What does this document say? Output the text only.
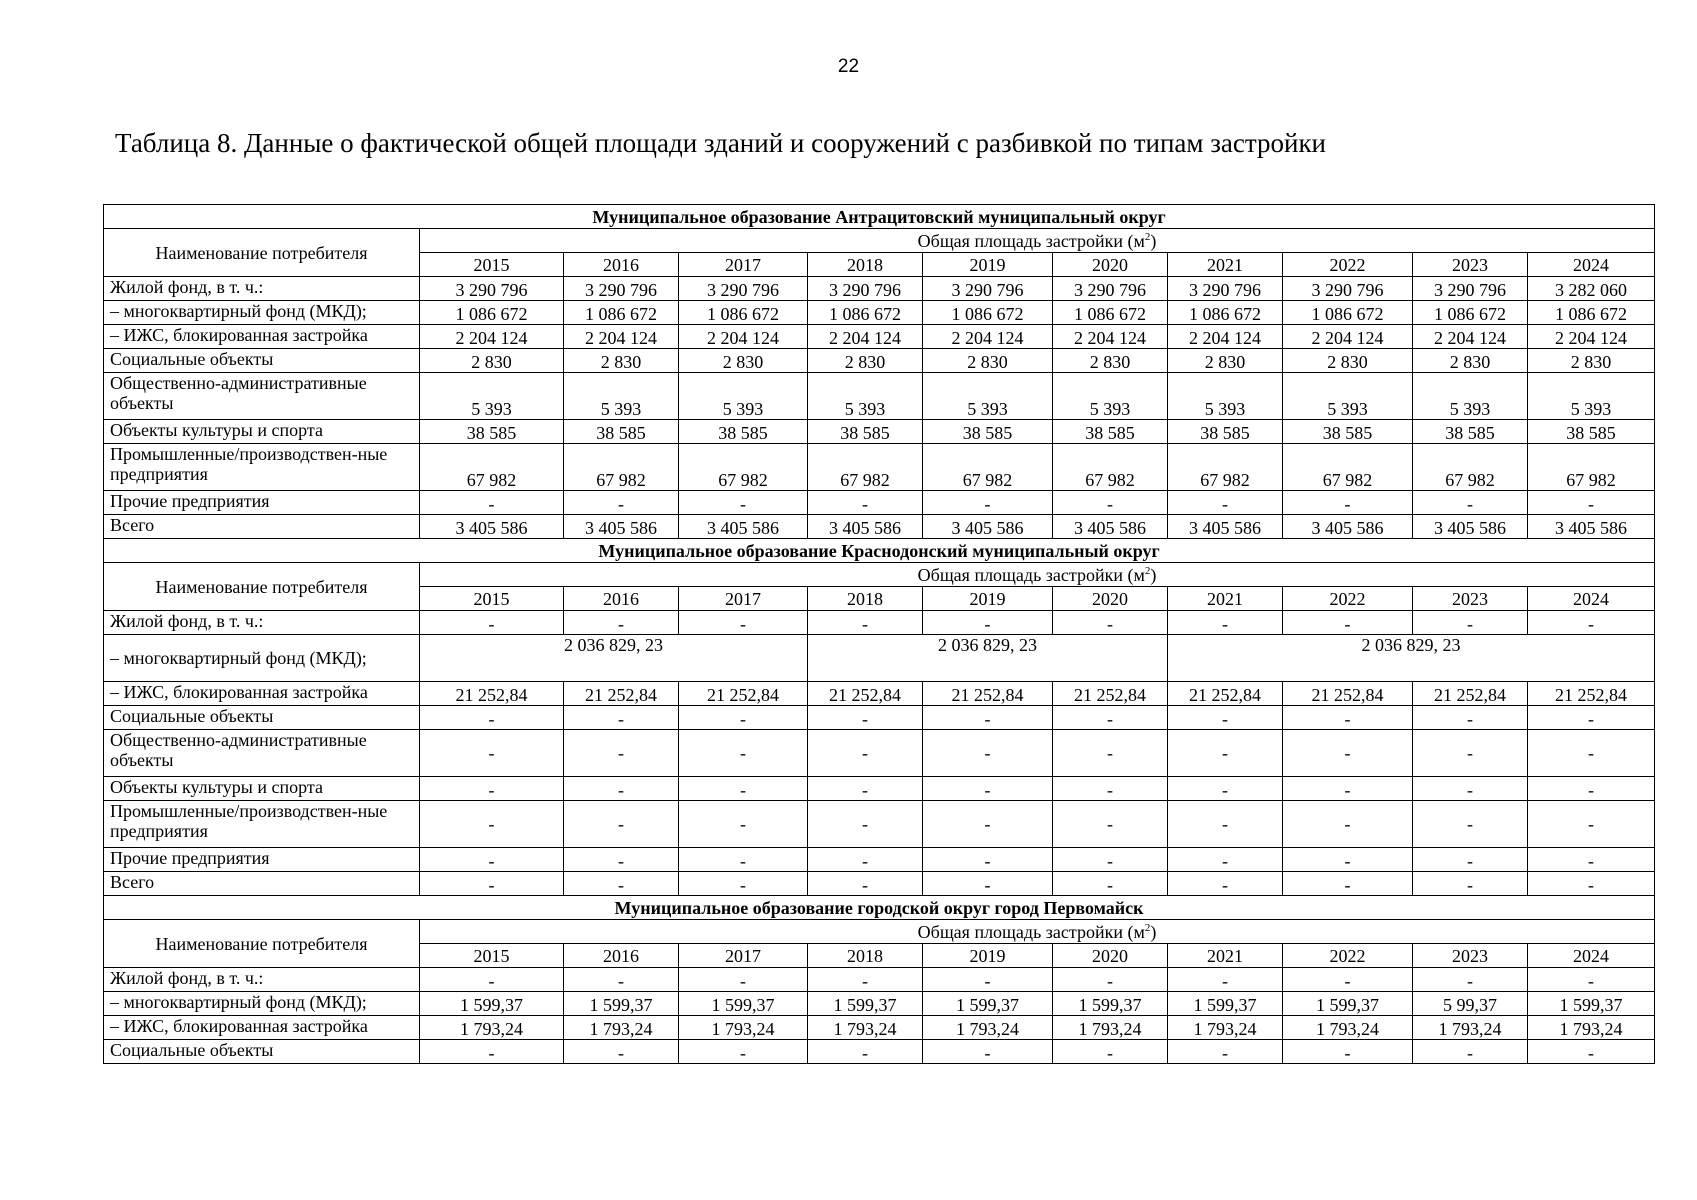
22
Таблица 8. Данные о фактической общей площади зданий и сооружений с разбивкой по типам застройки
Муниципальное образование Антрацитовский муниципальный округ										
Наименование потребителя	Общая площадь застройки $(м^2)$									
	2015	2016	2017	2018	2019	2020	2021	2022	2023	2024
Жилой фонд, в т. ч.:	3 290 796	3 290 796	3 290 796	3 290 796	3 290 796	3 290 796	3 290 796	3 290 796	3 290 796	3 282 060
– многоквартирный фонд (МКД);	1 086 672	1 086 672	1 086 672	1 086 672	1 086 672	1 086 672	1 086 672	1 086 672	1 086 672	1 086 672
– ИЖС, блокированная застройка	2 204 124	2 204 124	2 204 124	2 204 124	2 204 124	2 204 124	2 204 124	2 204 124	2 204 124	2 204 124
Социальные объекты	2 830	2 830	2 830	2 830	2 830	2 830	2 830	2 830	2 830	2 830
Общественно-административные объекты	5 393	5 393	5 393	5 393	5 393	5 393	5 393	5 393	5 393	5 393
Объекты культуры и спорта	38 585	38 585	38 585	38 585	38 585	38 585	38 585	38 585	38 585	38 585
Промышленные/производствен-ные предприятия	67 982	67 982	67 982	67 982	67 982	67 982	67 982	67 982	67 982	67 982
Прочие предприятия	-	-	-	-	-	-	-	-	-	-
Всего	3 405 586	3 405 586	3 405 586	3 405 586	3 405 586	3 405 586	3 405 586	3 405 586	3 405 586	3 405 586
Муниципальное образование Краснодонский муниципальный округ										
Наименование потребителя	Общая площадь застройки $(м^2)$									
	2015	2016	2017	2018	2019	2020	2021	2022	2023	2024
Жилой фонд, в т. ч.:	-	-	-	-	-	-	-	-	-	-
– многоквартирный фонд (МКД);	2 036 829, 23			2 036 829, 23			2 036 829, 23			
– ИЖС, блокированная застройка	21 252,84	21 252,84	21 252,84	21 252,84	21 252,84	21 252,84	21 252,84	21 252,84	21 252,84	21 252,84
Социальные объекты	-	-	-	-	-	-	-	-	-	-
Общественно-административные объекты	-	-	-	-	-	-	-	-	-	-
Объекты культуры и спорта	-	-	-	-	-	-	-	-	-	-
Промышленные/производствен-ные предприятия	-	-	-	-	-	-	-	-	-	-
Прочие предприятия	-	-	-	-	-	-	-	-	-	-
Всего	-	-	-	-	-	-	-	-	-	-
Муниципальное образование городской округ город Первомайск										
Наименование потребителя	Общая площадь застройки $(м^2)$									
	2015	2016	2017	2018	2019	2020	2021	2022	2023	2024
Жилой фонд, в т. ч.:	-	-	-	-	-	-	-	-	-	-
– многоквартирный фонд (МКД);	1 599,37	1 599,37	1 599,37	1 599,37	1 599,37	1 599,37	1 599,37	1 599,37	5 99,37	1 599,37
– ИЖС, блокированная застройка	1 793,24	1 793,24	1 793,24	1 793,24	1 793,24	1 793,24	1 793,24	1 793,24	1 793,24	1 793,24
Социальные объекты	-	-	-	-	-	-	-	-	-	-
